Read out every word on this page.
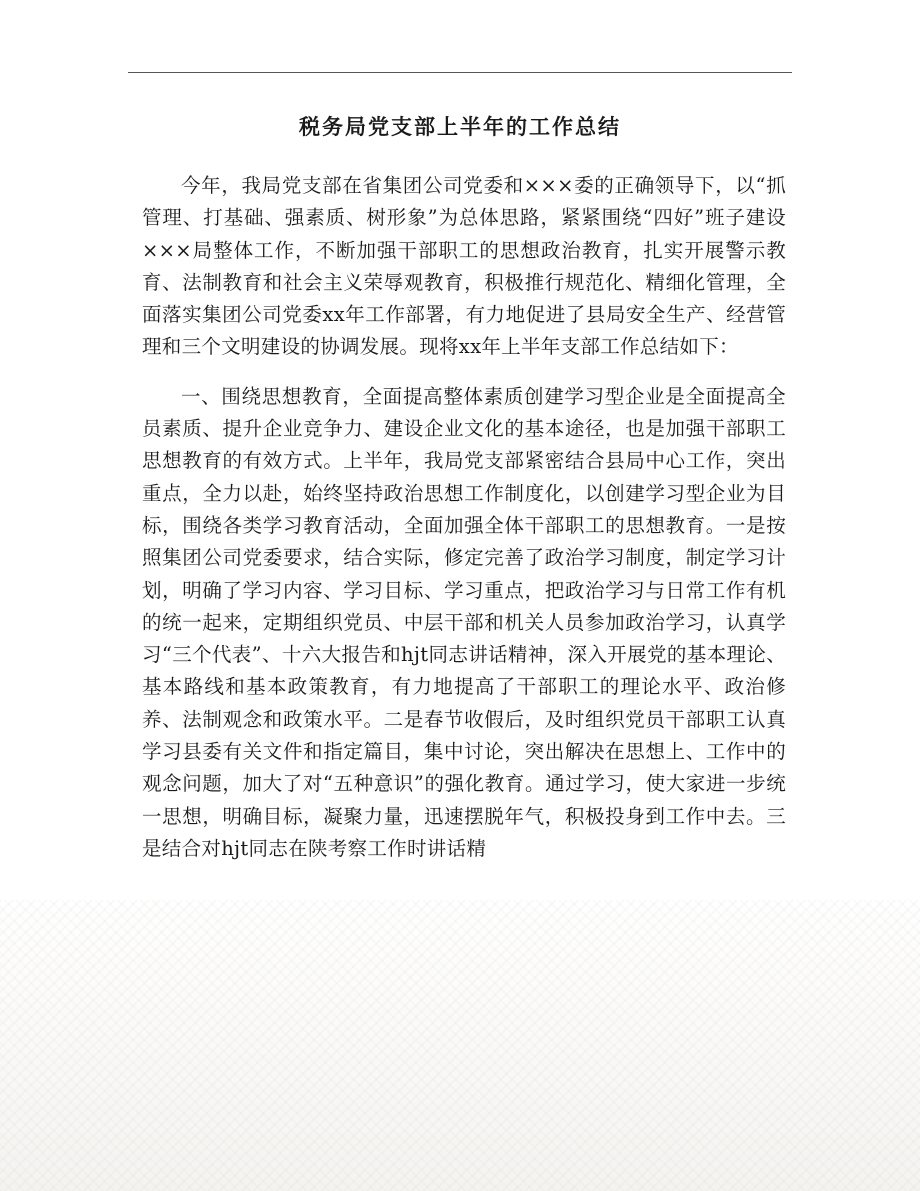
税务局党支部上半年的工作总结

今年，我局党支部在省集团公司党委和×××委的正确领导下，以“抓管理、打基础、强素质、树形象”为总体思路，紧紧围绕“四好”班子建设×××局整体工作，不断加强干部职工的思想政治教育，扎实开展警示教育、法制教育和社会主义荣辱观教育，积极推行规范化、精细化管理，全面落实集团公司党委xx年工作部署，有力地促进了县局安全生产、经营管理和三个文明建设的协调发展。现将xx年上半年支部工作总结如下：

一、围绕思想教育，全面提高整体素质创建学习型企业是全面提高全员素质、提升企业竞争力、建设企业文化的基本途径，也是加强干部职工思想教育的有效方式。上半年，我局党支部紧密结合县局中心工作，突出重点，全力以赴，始终坚持政治思想工作制度化，以创建学习型企业为目标，围绕各类学习教育活动，全面加强全体干部职工的思想教育。一是按照集团公司党委要求，结合实际，修定完善了政治学习制度，制定学习计划，明确了学习内容、学习目标、学习重点，把政治学习与日常工作有机的统一起来，定期组织党员、中层干部和机关人员参加政治学习，认真学习“三个代表”、十六大报告和hjt同志讲话精神，深入开展党的基本理论、基本路线和基本政策教育，有力地提高了干部职工的理论水平、政治修养、法制观念和政策水平。二是春节收假后，及时组织党员干部职工认真学习县委有关文件和指定篇目，集中讨论，突出解决在思想上、工作中的观念问题，加大了对“五种意识”的强化教育。通过学习，使大家进一步统一思想，明确目标，凝聚力量，迅速摆脱年气，积极投身到工作中去。三是结合对hjt同志在陕考察工作时讲话精
